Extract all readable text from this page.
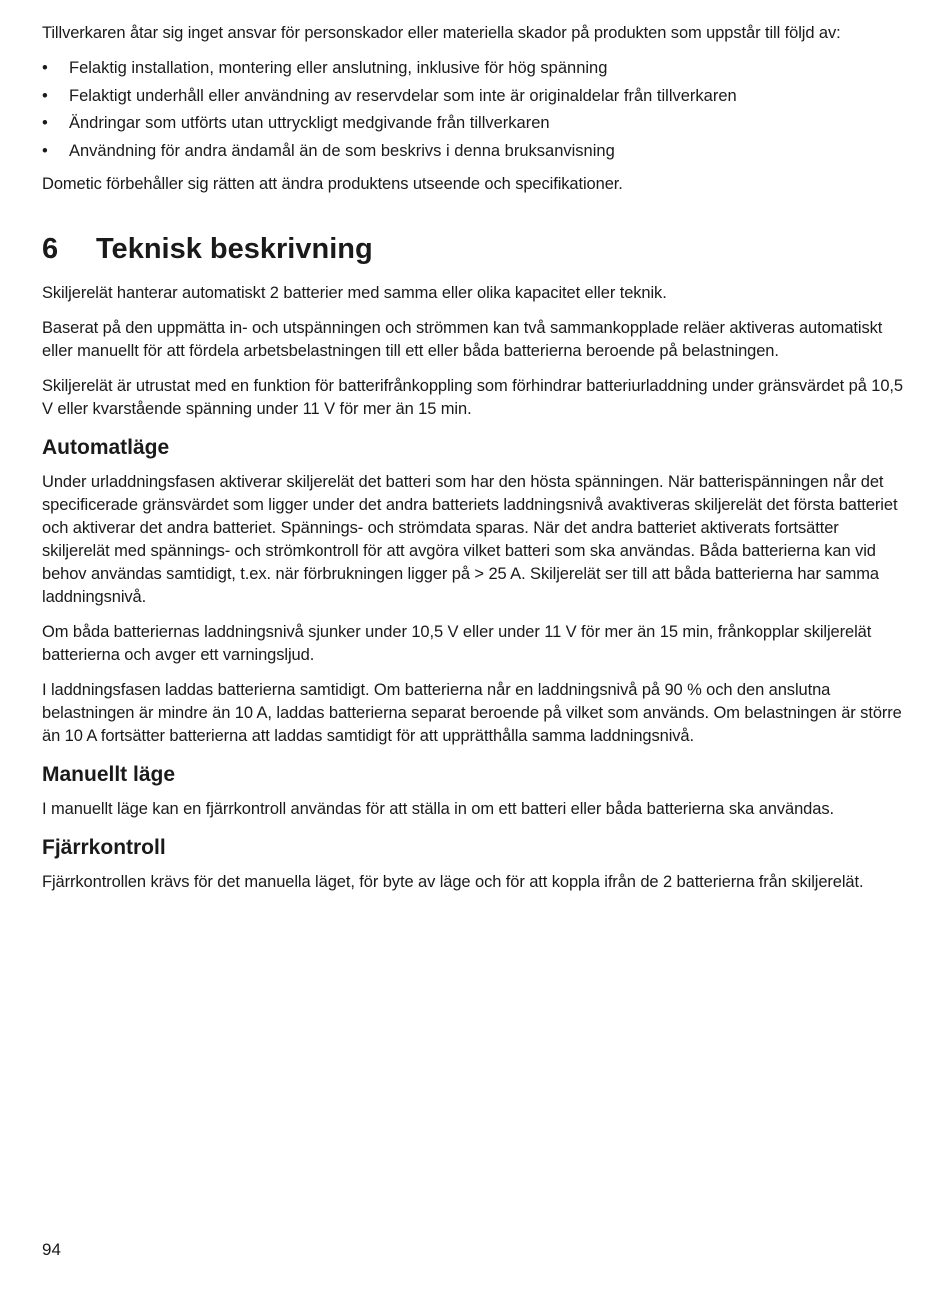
Tillverkaren åtar sig inget ansvar för personskador eller materiella skador på produkten som uppstår till följd av:

• Felaktig installation, montering eller anslutning, inklusive för hög spänning
• Felaktigt underhåll eller användning av reservdelar som inte är originaldelar från tillverkaren
• Ändringar som utförts utan uttryckligt medgivande från tillverkaren
• Användning för andra ändamål än de som beskrivs i denna bruksanvisning

Dometic förbehåller sig rätten att ändra produktens utseende och specifikationer.

6	Teknisk beskrivning

Skiljerelät hanterar automatiskt 2 batterier med samma eller olika kapacitet eller teknik.

Baserat på den uppmätta in- och utspänningen och strömmen kan två sammankopplade reläer aktiveras automatiskt eller manuellt för att fördela arbetsbelastningen till ett eller båda batterierna beroende på belastningen.

Skiljerelät är utrustat med en funktion för batterifrånkoppling som förhindrar batteriurladdning under gränsvärdet på 10,5 V eller kvarstående spänning under 11 V för mer än 15 min.

Automatläge

Under urladdningsfasen aktiverar skiljerelät det batteri som har den hösta spänningen. När batterispänningen når det specificerade gränsvärdet som ligger under det andra batteriets laddningsnivå avaktiveras skiljerelät det första batteriet och aktiverar det andra batteriet. Spännings- och strömdata sparas. När det andra batteriet aktiverats fortsätter skiljerelät med spännings- och strömkontroll för att avgöra vilket batteri som ska användas. Båda batterierna kan vid behov användas samtidigt, t.ex. när förbrukningen ligger på > 25 A. Skiljerelät ser till att båda batterierna har samma laddningsnivå.

Om båda batteriernas laddningsnivå sjunker under 10,5 V eller under 11 V för mer än 15 min, frånkopplar skiljerelät batterierna och avger ett varningsljud.

I laddningsfasen laddas batterierna samtidigt. Om batterierna når en laddningsnivå på 90 % och den anslutna belastningen är mindre än 10 A, laddas batterierna separat beroende på vilket som används. Om belastningen är större än 10 A fortsätter batterierna att laddas samtidigt för att upprätthålla samma laddningsnivå.

Manuellt läge

I manuellt läge kan en fjärrkontroll användas för att ställa in om ett batteri eller båda batterierna ska användas.

Fjärrkontroll

Fjärrkontrollen krävs för det manuella läget, för byte av läge och för att koppla ifrån de 2 batterierna från skiljerelät.

94
